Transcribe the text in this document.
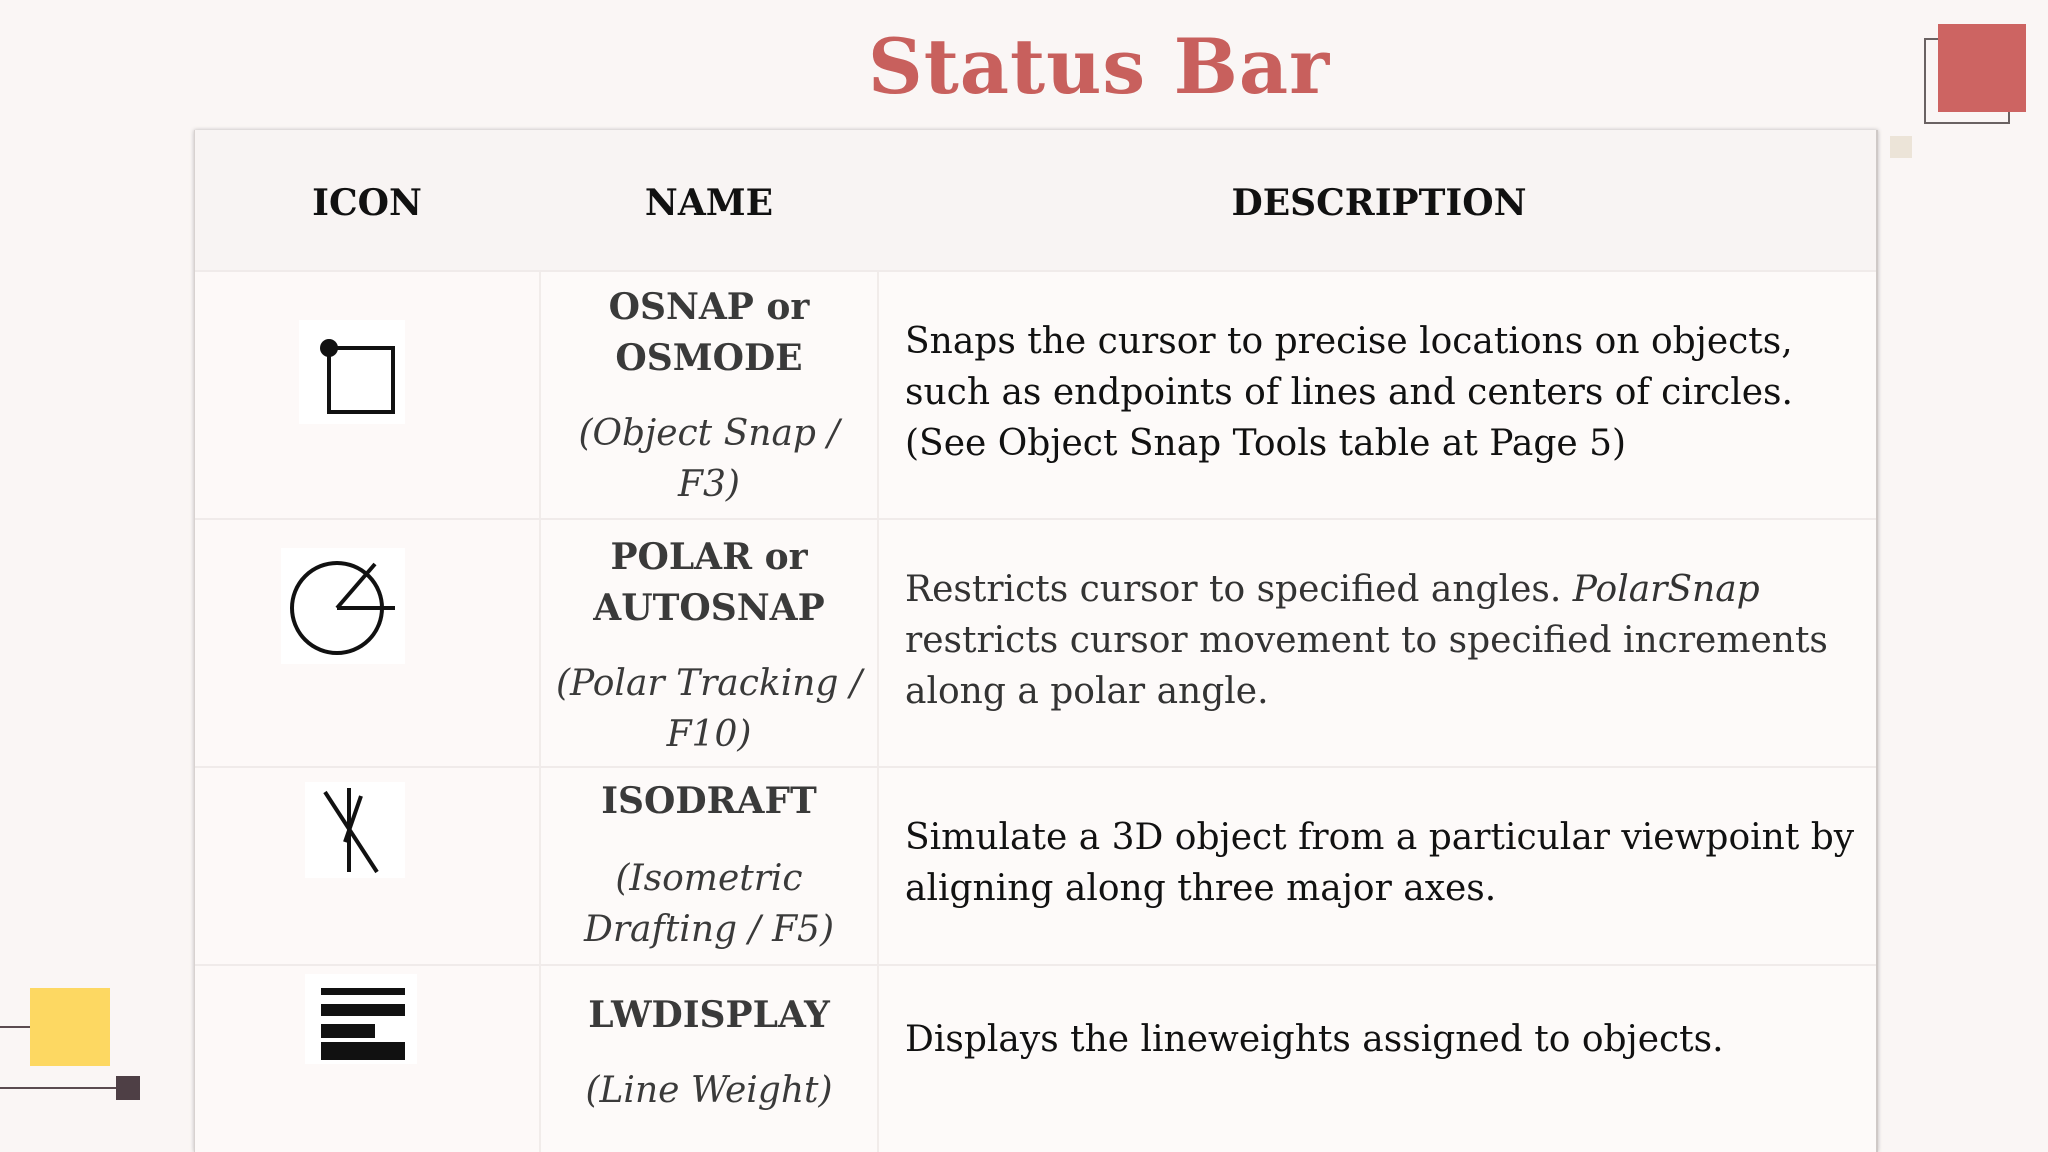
Status Bar
ICON	NAME	DESCRIPTION
OSNAP or
OSMODE
(Object Snap /
F3)
Snaps the cursor to precise locations on objects, such as endpoints of lines and centers of circles. (See Object Snap Tools table at Page 5)
POLAR or
AUTOSNAP
(Polar Tracking /
F10)
Restricts cursor to specified angles. PolarSnap restricts cursor movement to specified increments along a polar angle.
ISODRAFT
(Isometric
Drafting / F5)
Simulate a 3D object from a particular viewpoint by aligning along three major axes.
LWDISPLAY
(Line Weight)
Displays the lineweights assigned to objects.
